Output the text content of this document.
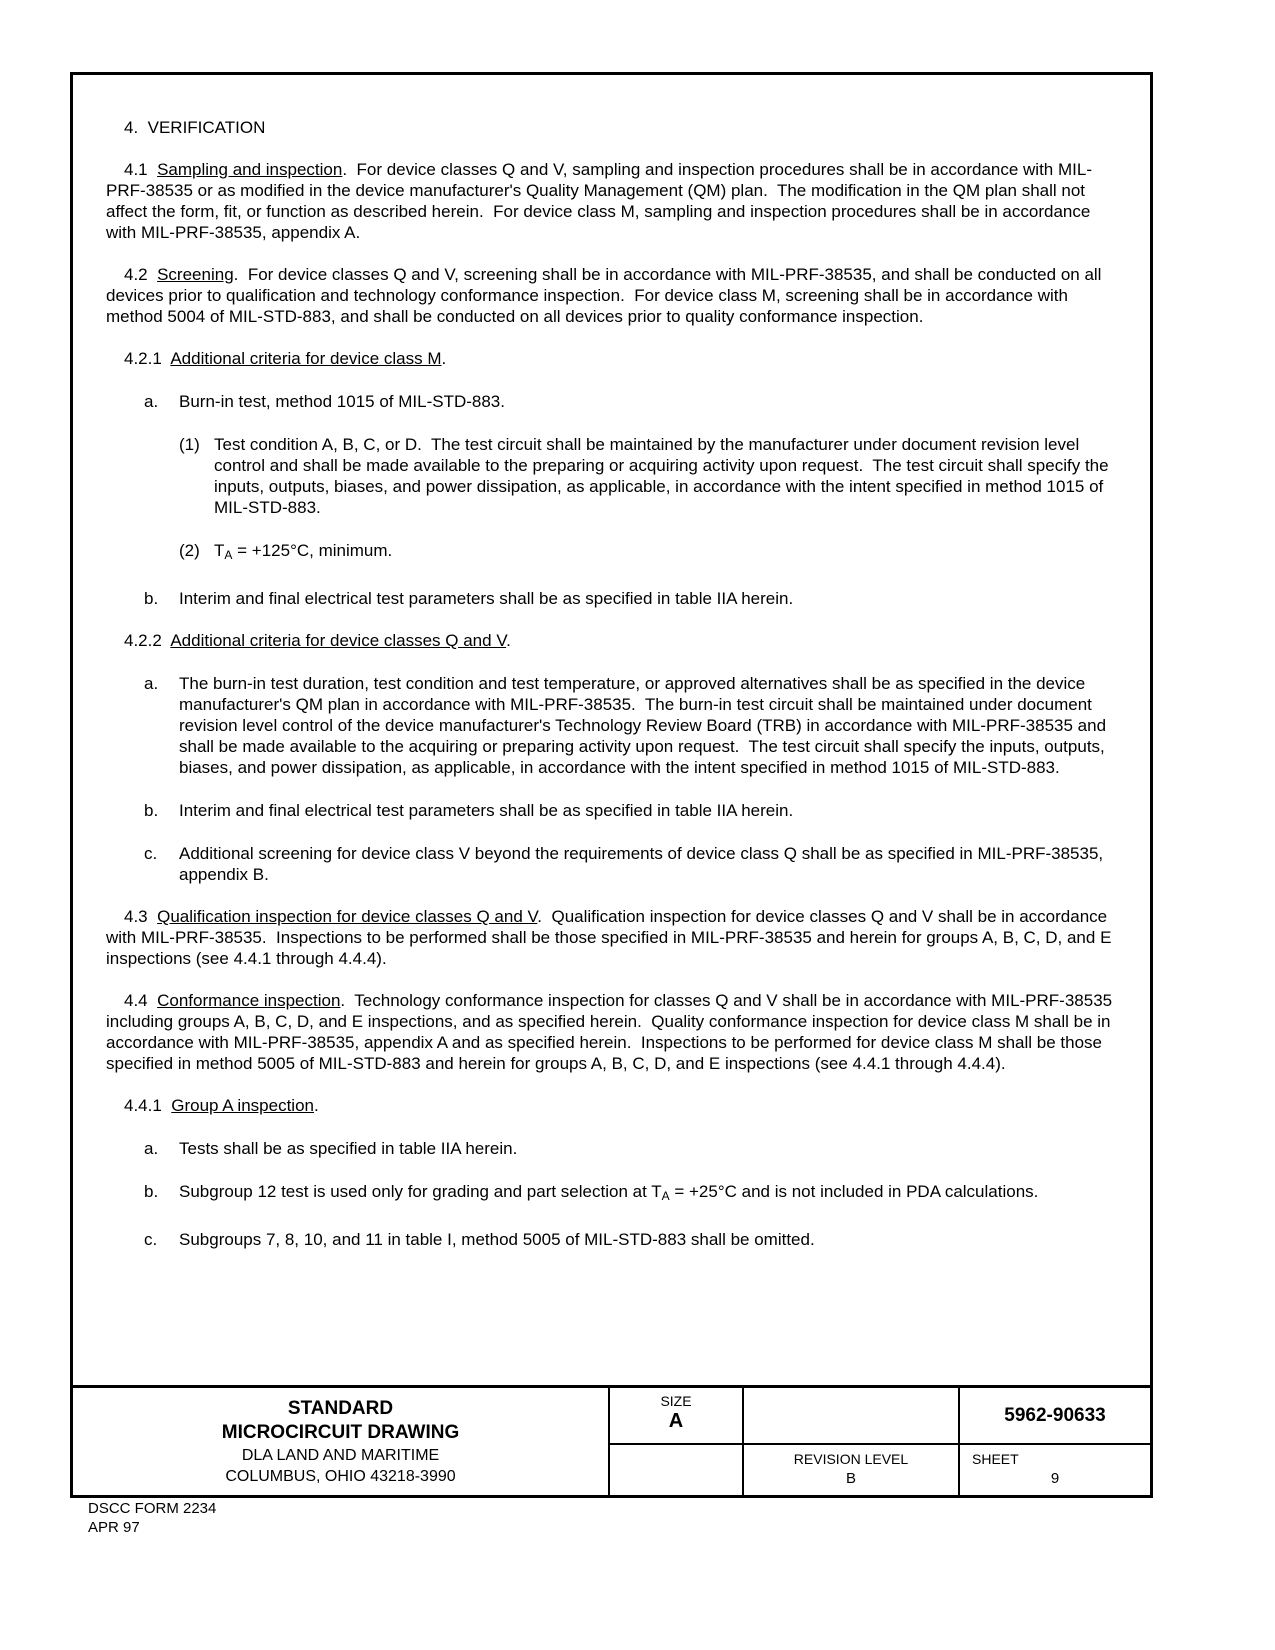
4.  VERIFICATION
4.1  Sampling and inspection.  For device classes Q and V, sampling and inspection procedures shall be in accordance with MIL-PRF-38535 or as modified in the device manufacturer's Quality Management (QM) plan.  The modification in the QM plan shall not affect the form, fit, or function as described herein.  For device class M, sampling and inspection procedures shall be in accordance with MIL-PRF-38535, appendix A.
4.2  Screening.  For device classes Q and V, screening shall be in accordance with MIL-PRF-38535, and shall be conducted on all devices prior to qualification and technology conformance inspection.  For device class M, screening shall be in accordance with method 5004 of MIL-STD-883, and shall be conducted on all devices prior to quality conformance inspection.
4.2.1  Additional criteria for device class M.
a. Burn-in test, method 1015 of MIL-STD-883.
(1) Test condition A, B, C, or D.  The test circuit shall be maintained by the manufacturer under document revision level control and shall be made available to the preparing or acquiring activity upon request.  The test circuit shall specify the inputs, outputs, biases, and power dissipation, as applicable, in accordance with the intent specified in method 1015 of MIL-STD-883.
(2) TA = +125°C, minimum.
b. Interim and final electrical test parameters shall be as specified in table IIA herein.
4.2.2  Additional criteria for device classes Q and V.
a. The burn-in test duration, test condition and test temperature, or approved alternatives shall be as specified in the device manufacturer's QM plan in accordance with MIL-PRF-38535.  The burn-in test circuit shall be maintained under document revision level control of the device manufacturer's Technology Review Board (TRB) in accordance with MIL-PRF-38535 and shall be made available to the acquiring or preparing activity upon request.  The test circuit shall specify the inputs, outputs, biases, and power dissipation, as applicable, in accordance with the intent specified in method 1015 of MIL-STD-883.
b. Interim and final electrical test parameters shall be as specified in table IIA herein.
c. Additional screening for device class V beyond the requirements of device class Q shall be as specified in MIL-PRF-38535, appendix B.
4.3  Qualification inspection for device classes Q and V.  Qualification inspection for device classes Q and V shall be in accordance with MIL-PRF-38535.  Inspections to be performed shall be those specified in MIL-PRF-38535 and herein for groups A, B, C, D, and E inspections (see 4.4.1 through 4.4.4).
4.4  Conformance inspection.  Technology conformance inspection for classes Q and V shall be in accordance with MIL-PRF-38535 including groups A, B, C, D, and E inspections, and as specified herein.  Quality conformance inspection for device class M shall be in accordance with MIL-PRF-38535, appendix A and as specified herein.  Inspections to be performed for device class M shall be those specified in method 5005 of MIL-STD-883 and herein for groups A, B, C, D, and E inspections (see 4.4.1 through 4.4.4).
4.4.1  Group A inspection.
a. Tests shall be as specified in table IIA herein.
b. Subgroup 12 test is used only for grading and part selection at TA = +25°C and is not included in PDA calculations.
c. Subgroups 7, 8, 10, and 11 in table I, method 5005 of MIL-STD-883 shall be omitted.
STANDARD
MICROCIRCUIT DRAWING
DLA LAND AND MARITIME
COLUMBUS, OHIO 43218-3990
SIZE
A	5962-90633
REVISION LEVEL
B
SHEET
9
DSCC FORM 2234
APR 97
